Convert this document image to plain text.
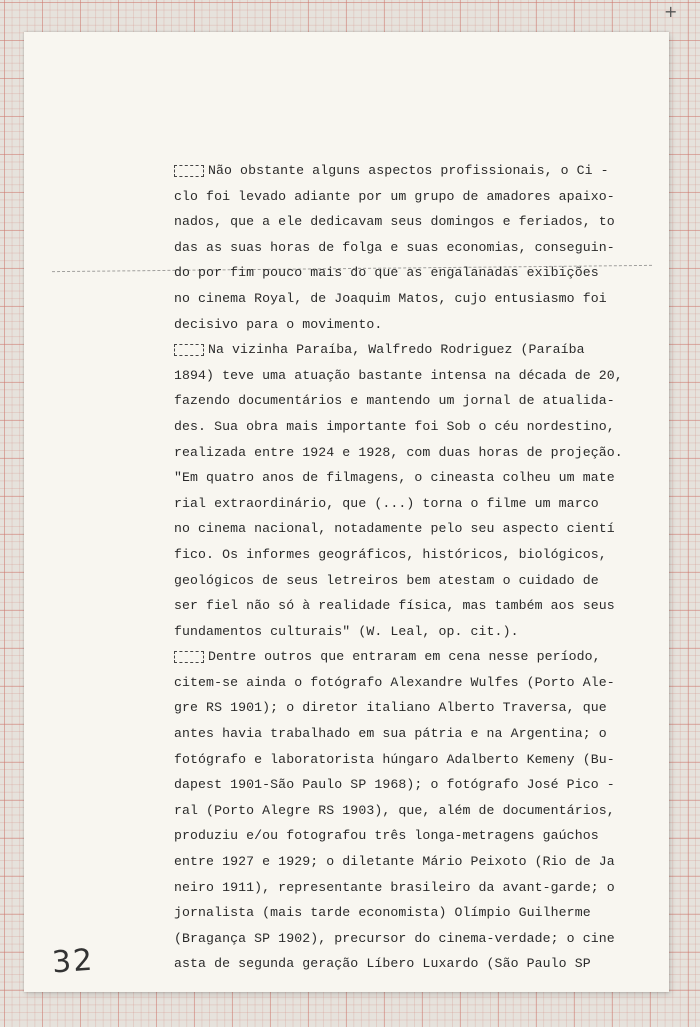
+
Não obstante alguns aspectos profissionais, o Ci -
clo foi levado adiante por um grupo de amadores apaixo-
nados, que a ele dedicavam seus domingos e feriados, to
das as suas horas de folga e suas economias, conseguin-
do por fim pouco mais do que as engalanadas exibições
no cinema Royal, de Joaquim Matos, cujo entusiasmo foi
decisivo para o movimento.
Na vizinha Paraíba, Walfredo Rodriguez (Paraíba
1894) teve uma atuação bastante intensa na década de 20,
fazendo documentários e mantendo um jornal de atualida-
des. Sua obra mais importante foi Sob o céu nordestino,
realizada entre 1924 e 1928, com duas horas de projeção.
"Em quatro anos de filmagens, o cineasta colheu um mate
rial extraordinário, que (...) torna o filme um marco
no cinema nacional, notadamente pelo seu aspecto cientí
fico. Os informes geográficos, históricos, biológicos,
geológicos de seus letreiros bem atestam o cuidado de
ser fiel não só à realidade física, mas também aos seus
fundamentos culturais" (W. Leal, op. cit.).
Dentre outros que entraram em cena nesse período,
citem-se ainda o fotógrafo Alexandre Wulfes (Porto Ale-
gre RS 1901); o diretor italiano Alberto Traversa, que
antes havia trabalhado em sua pátria e na Argentina; o
fotógrafo e laboratorista húngaro Adalberto Kemeny (Bu-
dapest 1901-São Paulo SP 1968); o fotógrafo José Pico -
ral (Porto Alegre RS 1903), que, além de documentários,
produziu e/ou fotografou três longa-metragens gaúchos
entre 1927 e 1929; o diletante Mário Peixoto (Rio de Ja
neiro 1911), representante brasileiro da avant-garde; o
jornalista (mais tarde economista) Olímpio Guilherme
(Bragança SP 1902), precursor do cinema-verdade; o cine
asta de segunda geração Líbero Luxardo (São Paulo SP
32
